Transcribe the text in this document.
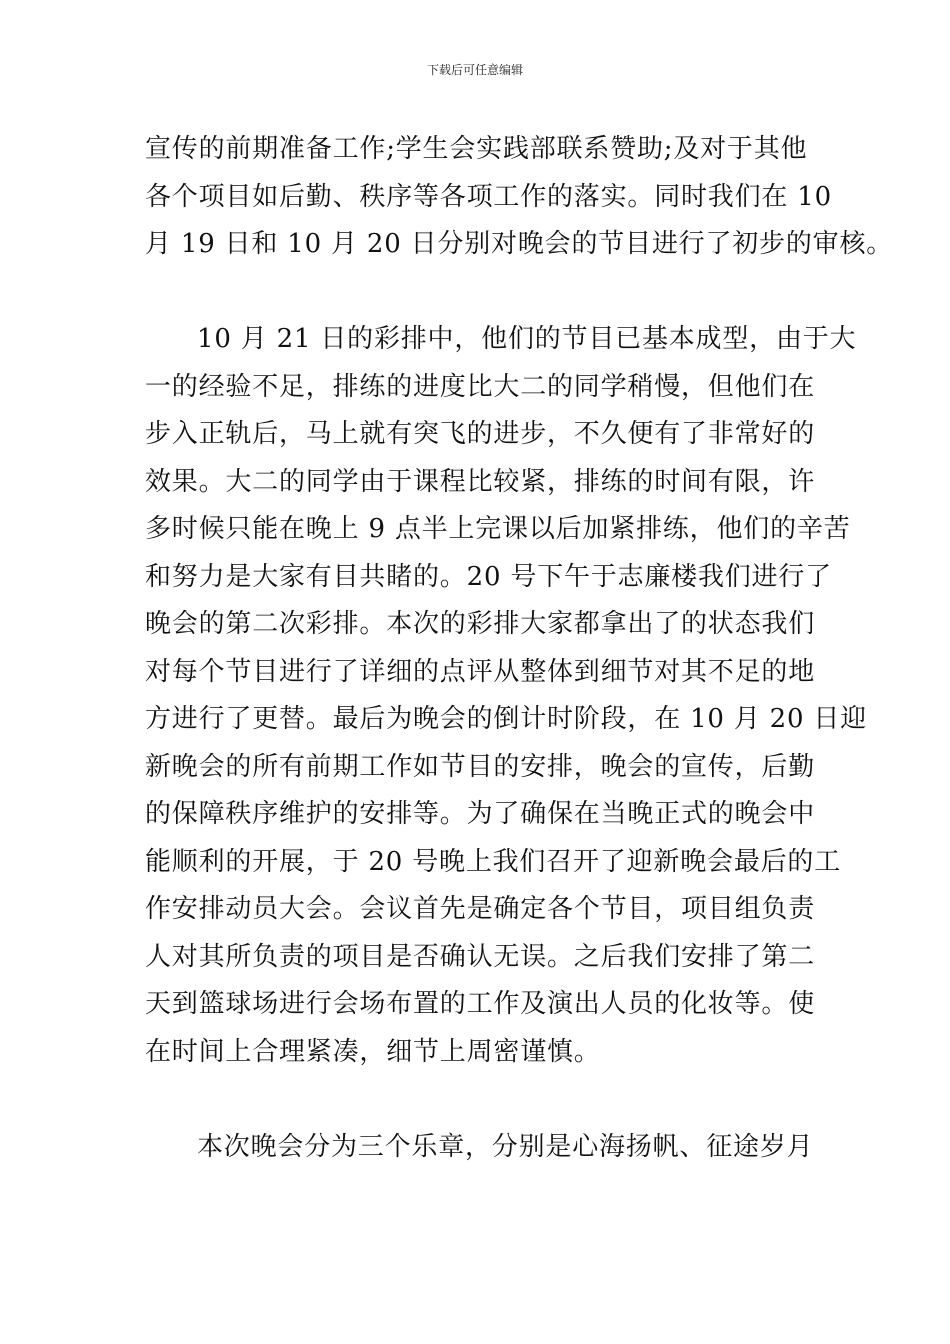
下载后可任意编辑

宣传的前期准备工作;学生会实践部联系赞助;及对于其他
各个项目如后勤、秩序等各项工作的落实。同时我们在 10
月 19 日和 10 月 20 日分别对晚会的节目进行了初步的审核。

10 月 21 日的彩排中，他们的节目已基本成型，由于大
一的经验不足，排练的进度比大二的同学稍慢，但他们在
步入正轨后，马上就有突飞的进步，不久便有了非常好的
效果。大二的同学由于课程比较紧，排练的时间有限，许
多时候只能在晚上 9 点半上完课以后加紧排练，他们的辛苦
和努力是大家有目共睹的。20 号下午于志廉楼我们进行了
晚会的第二次彩排。本次的彩排大家都拿出了的状态我们
对每个节目进行了详细的点评从整体到细节对其不足的地
方进行了更替。最后为晚会的倒计时阶段，在 10 月 20 日迎
新晚会的所有前期工作如节目的安排，晚会的宣传，后勤
的保障秩序维护的安排等。为了确保在当晚正式的晚会中
能顺利的开展，于 20 号晚上我们召开了迎新晚会最后的工
作安排动员大会。会议首先是确定各个节目，项目组负责
人对其所负责的项目是否确认无误。之后我们安排了第二
天到篮球场进行会场布置的工作及演出人员的化妆等。使
在时间上合理紧凑，细节上周密谨慎。

本次晚会分为三个乐章，分别是心海扬帆、征途岁月
